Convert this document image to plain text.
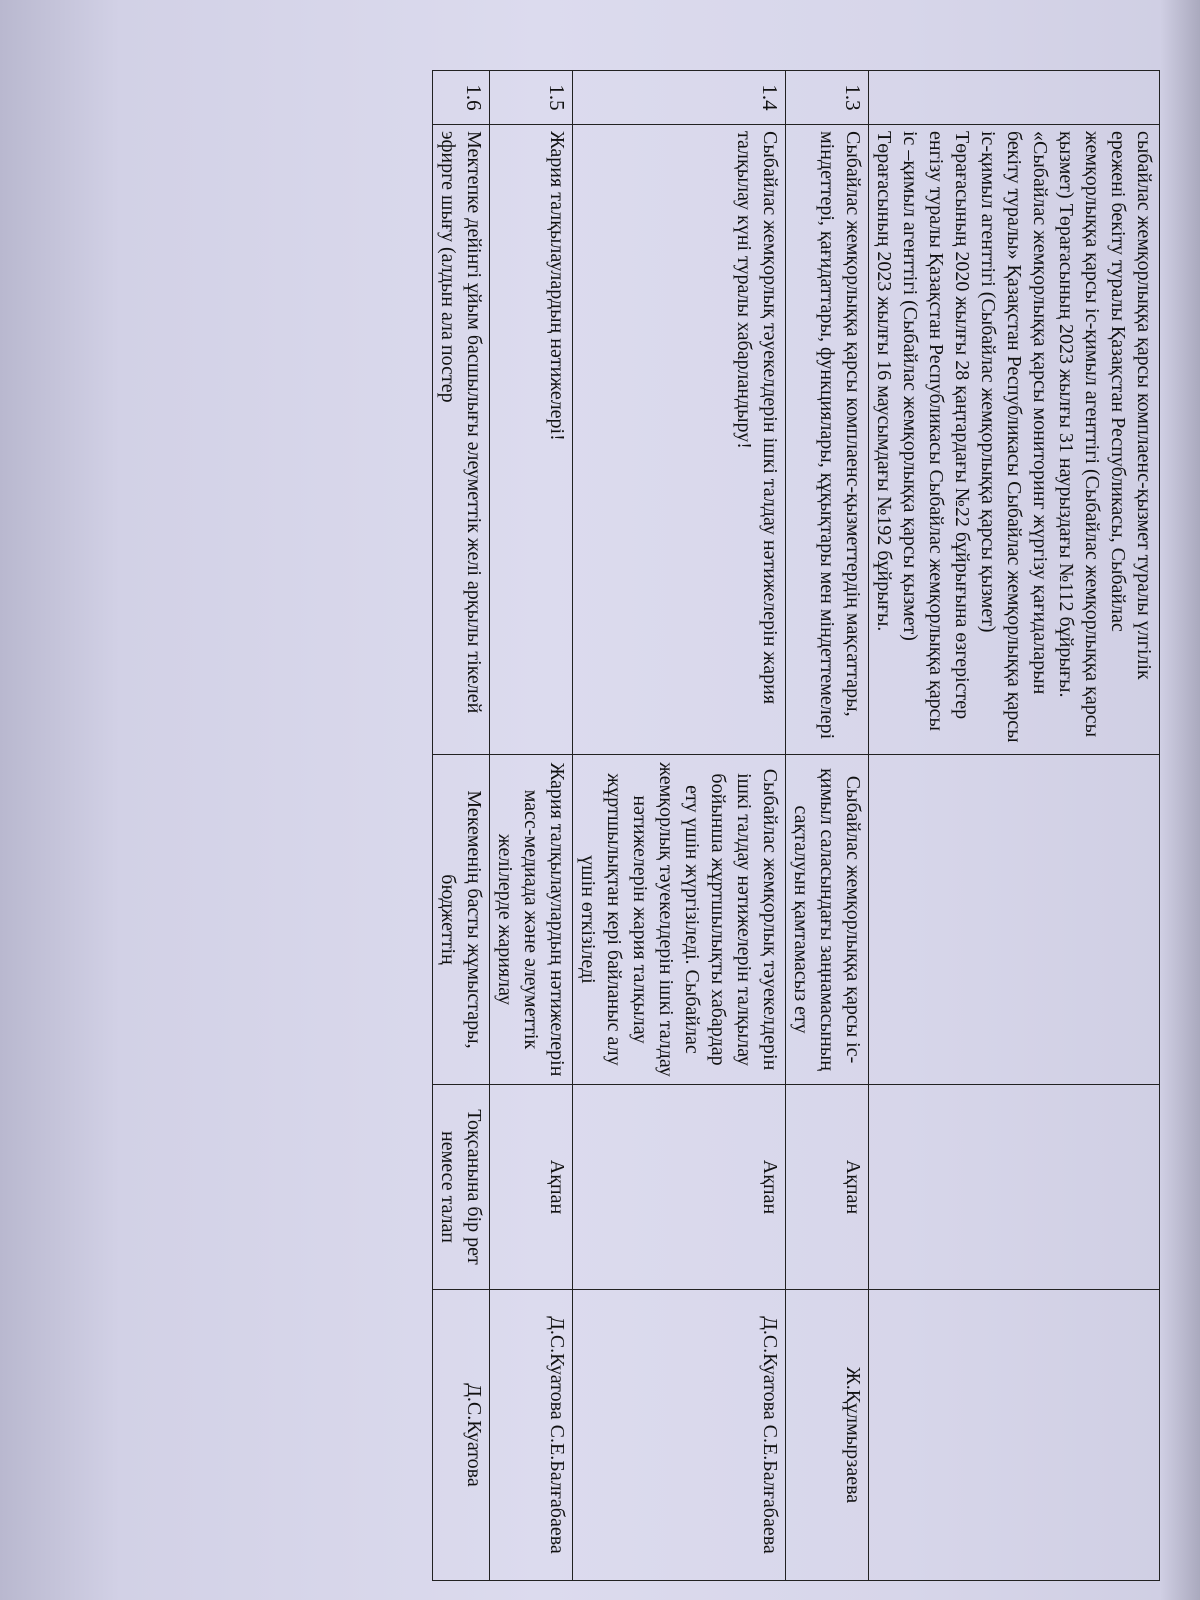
	сыбайлас жемқорлыққа қарсы комплаенс-қызмет туралы үлгілік ережені бекіту туралы Қазақстан Республикасы, Сыбайлас жемқорлыққа қарсы іс-қимыл агенттігі (Сыбайлас жемқорлыққа қарсы қызмет) Төрағасының 2023 жылғы 31 наурыздағы №112 бұйрығы. «Сыбайлас жемқорлыққа қарсы мониторинг жүргізу қағидаларын бекіту туралы» Қазақстан Республикасы Сыбайлас жемқорлыққа қарсы іс-қимыл агенттігі (Сыбайлас жемқорлыққа қарсы қызмет) Төрағасының 2020 жылғы 28 қаңтардағы №22 бұйрығына өзгерістер енгізу туралы Қазақстан Республикасы Сыбайлас жемқорлыққа қарсы іс –қимыл агенттігі (Сыбайлас жемқорлыққа қарсы қызмет) Төрағасының 2023 жылғы 16 маусымдағы №192 бұйрығы.			
1.3	Сыбайлас жемқорлыққа қарсы комплаенс-қызметтердің мақсаттары, міндеттері, қағидаттары, функциялары, құқықтары мен міндеттемелері	Сыбайлас жемқорлыққа қарсы іс-қимыл саласындағы заңнамасының сақталуын қамтамасыз ету	Ақпан	Ж.Құлмырзаева
1.4	Сыбайлас жемқорлық тәуекелдерін ішкі талдау нәтижелерін жария талқылау күні туралы хабарландыру!	Сыбайлас жемқорлық тәуекелдерін ішкі талдау нәтижелерін талқылау бойынша жұртшылықты хабардар ету үшін жүргізіледі. Сыбайлас жемқорлық тәуекелдерін ішкі талдау нәтижелерін жария талқылау жұртшылықтан кері байланыс алу үшін өткізіледі	Ақпан	Д.С.Куатова С.Е.Балғабаева
1.5	Жария талқылаулардың нәтижелері!	Жария талқылаулардың нәтижелерін масс-медиада және әлеуметтік желілерде жариялау	Ақпан	Д.С.Куатова С.Е.Балғабаева
1.6	Мектепке дейінгі ұйым басшылығы әлеуметтік желі арқылы тікелей эфирге шығу (алдын ала постер	Мекеменің басты жұмыстары, бюджеттің	Тоқсанына бір рет немесе талап	Д.С.Куатова
